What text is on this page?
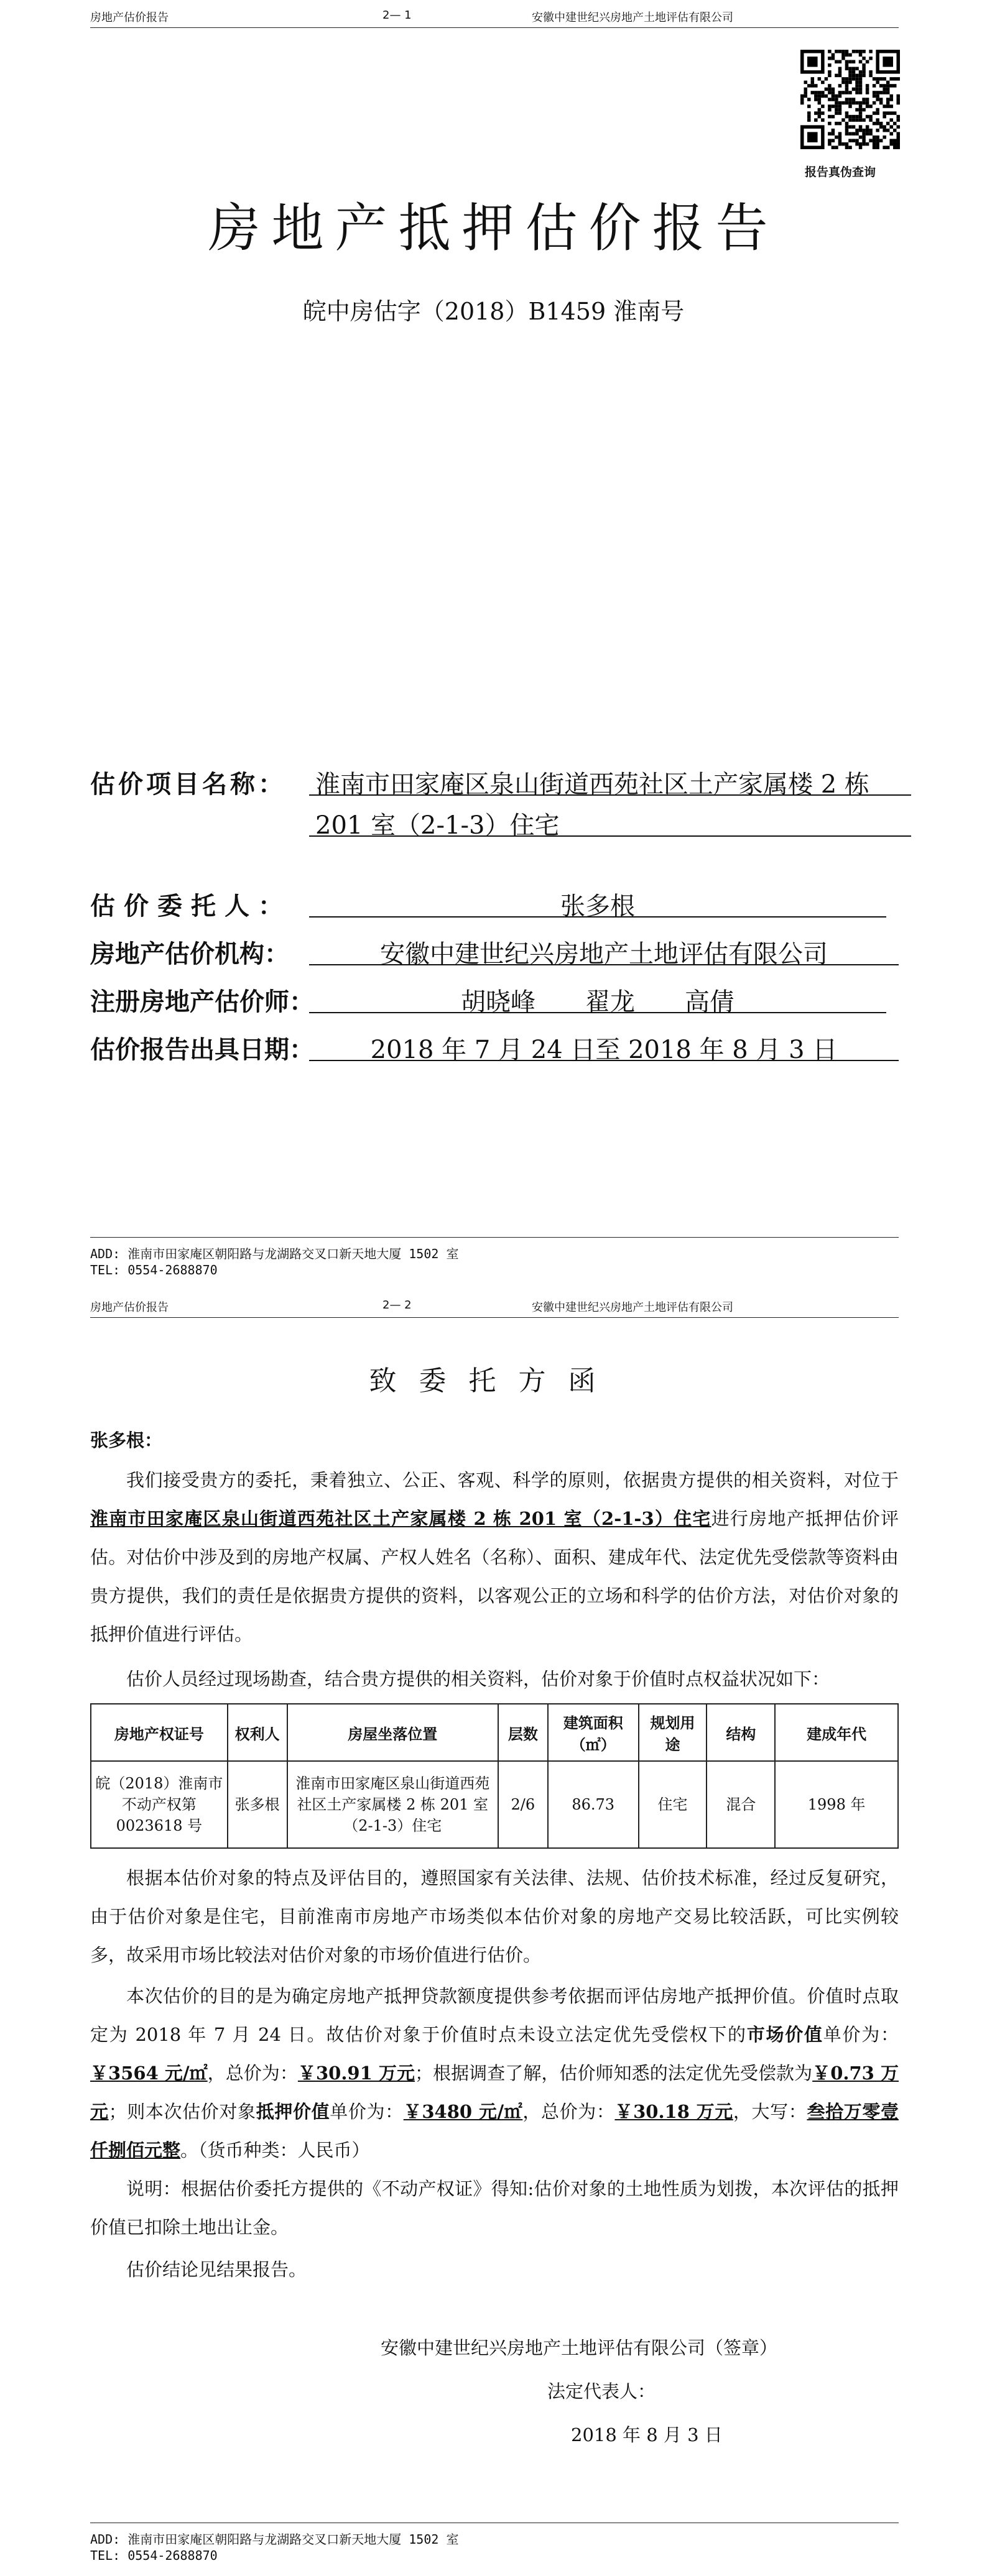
房地产估价报告	2— 1	安徽中建世纪兴房地产土地评估有限公司
报告真伪查询
房地产抵押估价报告
皖中房估字（2018）B1459 淮南号
估价项目名称： 淮南市田家庵区泉山街道西苑社区土产家属楼 2 栋
201 室（2-1-3）住宅
估价委托人：	张多根
房地产估价机构：	安徽中建世纪兴房地产土地评估有限公司
注册房地产估价师：	胡晓峰　　翟龙　　高倩
估价报告出具日期：	2018 年 7 月 24 日至 2018 年 8 月 3 日
ADD: 淮南市田家庵区朝阳路与龙湖路交叉口新天地大厦 1502 室
TEL: 0554-2688870
房地产估价报告	2— 2	安徽中建世纪兴房地产土地评估有限公司
致委托方函
张多根：
我们接受贵方的委托，秉着独立、公正、客观、科学的原则，依据贵方提供的相关资料，对位于淮南市田家庵区泉山街道西苑社区土产家属楼 2 栋 201 室（2-1-3）住宅进行房地产抵押估价评估。对估价中涉及到的房地产权属、产权人姓名（名称）、面积、建成年代、法定优先受偿款等资料由贵方提供，我们的责任是依据贵方提供的资料，以客观公正的立场和科学的估价方法，对估价对象的抵押价值进行评估。
估价人员经过现场勘查，结合贵方提供的相关资料，估价对象于价值时点权益状况如下：
房地产权证号	权利人	房屋坐落位置	层数	建筑面积（㎡）	规划用途	结构	建成年代
皖（2018）淮南市不动产权第 0023618 号	张多根	淮南市田家庵区泉山街道西苑社区土产家属楼 2 栋 201 室（2-1-3）住宅	2/6	86.73	住宅	混合	1998 年
根据本估价对象的特点及评估目的，遵照国家有关法律、法规、估价技术标准，经过反复研究，由于估价对象是住宅，目前淮南市房地产市场类似本估价对象的房地产交易比较活跃，可比实例较多，故采用市场比较法对估价对象的市场价值进行估价。
本次估价的目的是为确定房地产抵押贷款额度提供参考依据而评估房地产抵押价值。价值时点取定为 2018 年 7 月 24 日。故估价对象于价值时点未设立法定优先受偿权下的市场价值单价为：￥3564 元/㎡，总价为：￥30.91 万元；根据调查了解，估价师知悉的法定优先受偿款为￥0.73 万元；则本次估价对象抵押价值单价为：￥3480 元/㎡，总价为：￥30.18 万元，大写：叁拾万零壹仟捌佰元整。（货币种类：人民币）
说明：根据估价委托方提供的《不动产权证》得知:估价对象的土地性质为划拨，本次评估的抵押价值已扣除土地出让金。
估价结论见结果报告。
安徽中建世纪兴房地产土地评估有限公司（签章）
法定代表人：
2018 年 8 月 3 日
ADD: 淮南市田家庵区朝阳路与龙湖路交叉口新天地大厦 1502 室
TEL: 0554-2688870
